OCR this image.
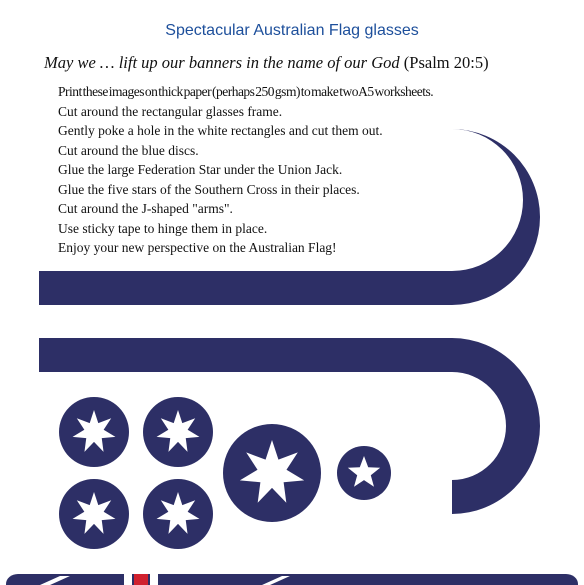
Spectacular Australian Flag glasses
May we … lift up our banners in the name of our God (Psalm 20:5)
Print these images on thick paper (perhaps 250 gsm) to make two A5 worksheets.
Cut around the rectangular glasses frame.
Gently poke a hole in the white rectangles and cut them out.
Cut around the blue discs.
Glue the large Federation Star under the Union Jack.
Glue the five stars of the Southern Cross in their places.
Cut around the J-shaped "arms".
Use sticky tape to hinge them in place.
Enjoy your new perspective on the Australian Flag!
